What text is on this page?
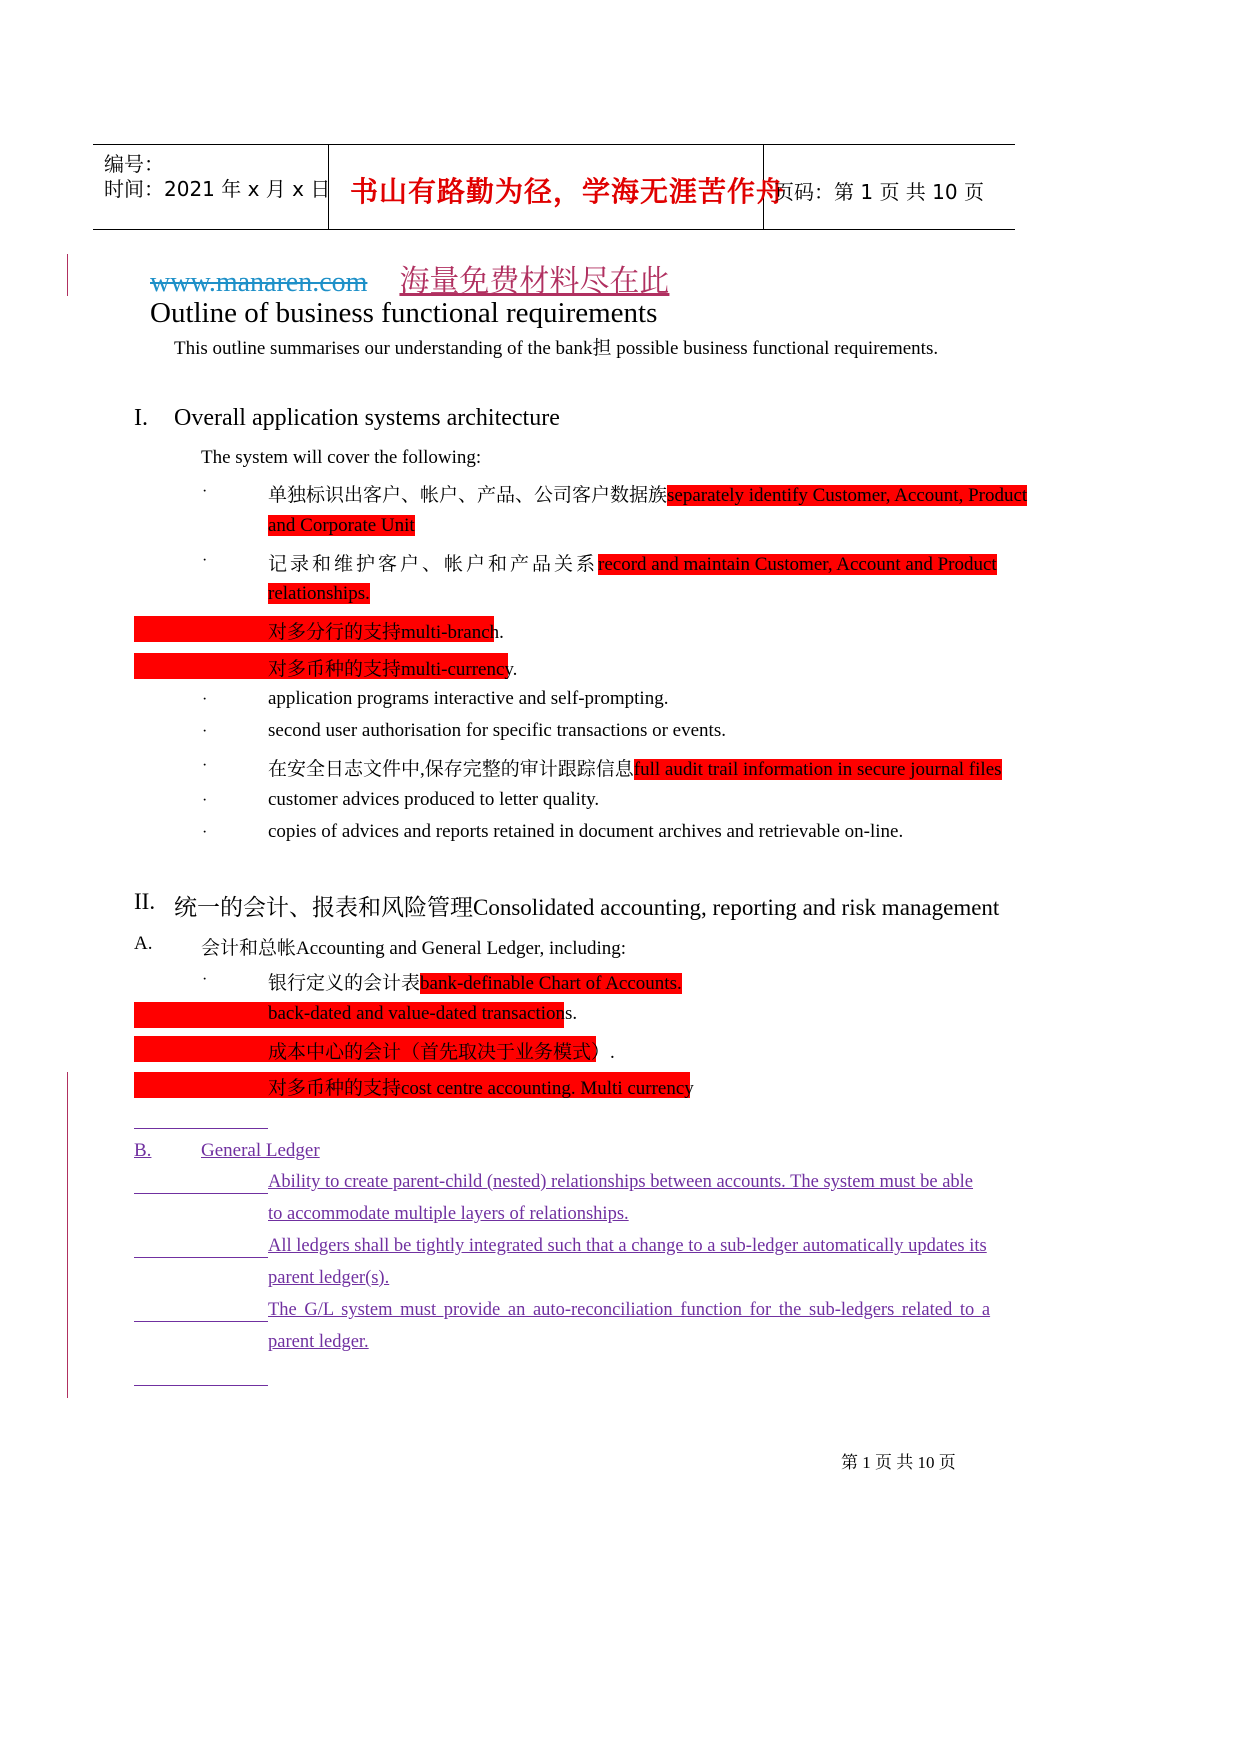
编号：
时间：2021 年 x 月 x 日 书山有路勤为径，学海无涯苦作舟
页码：第 1 页 共 10 页
www.manaren.com 海量免费材料尽在此
Outline of business functional requirements
This outline summarises our understanding of the bank担 possible business functional requirements.
I. Overall application systems architecture
The system will cover the following:
·	单独标识出客户、帐户、产品、公司客户数据族separately identify Customer, Account, Product
and Corporate Unit
·	记录和维护客户、帐户和产品关系record and maintain Customer, Account and Product
relationships.
对多分行的支持multi-branch.
对多币种的支持multi-currency.
·	application programs interactive and self-prompting.
·	second user authorisation for specific transactions or events.
·	在安全日志文件中,保存完整的审计跟踪信息full audit trail information in secure journal files
·	customer advices produced to letter quality.
·	copies of advices and reports retained in document archives and retrievable on-line.
II. 统一的会计、报表和风险管理Consolidated accounting, reporting and risk management
A.	会计和总帐Accounting and General Ledger, including:
·	银行定义的会计表bank-definable Chart of Accounts.
back-dated and value-dated transactions.
成本中心的会计（首先取决于业务模式）.
对多币种的支持cost centre accounting. Multi currency
B.	General Ledger
Ability to create parent-child (nested) relationships between accounts. The system must be able
to accommodate multiple layers of relationships.
All ledgers shall be tightly integrated such that a change to a sub-ledger automatically updates its
parent ledger(s).
The G/L system must provide an auto-reconciliation function for the sub-ledgers related to a
parent ledger.
第 1 页 共 10 页
